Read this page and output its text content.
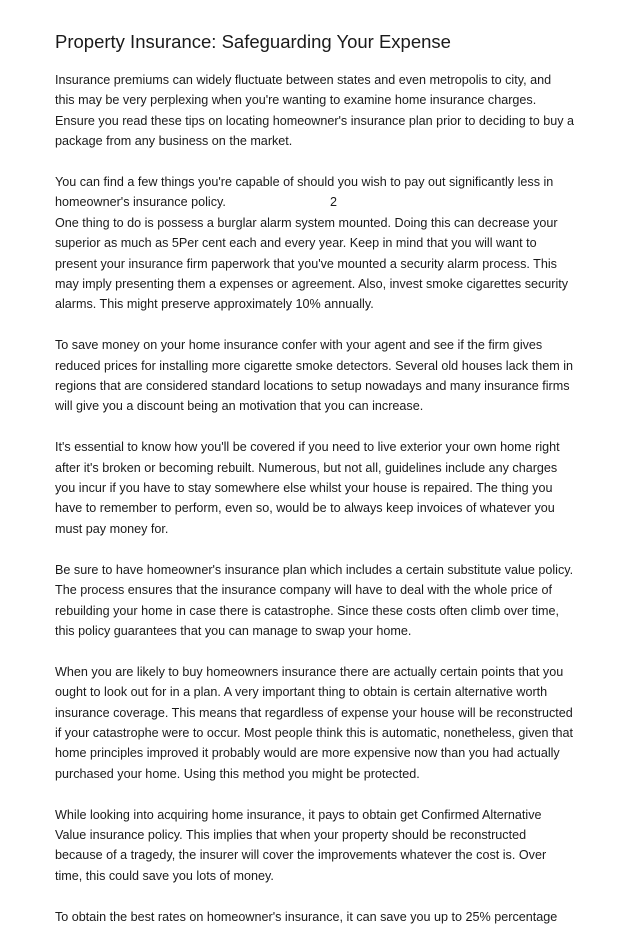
Property Insurance: Safeguarding Your Expense

Insurance premiums can widely fluctuate between states and even metropolis to city, and
this may be very perplexing when you're wanting to examine home insurance charges.
Ensure you read these tips on locating homeowner's insurance plan prior to deciding to buy a
package from any business on the market.

You can find a few things you're capable of should you wish to pay out significantly less in
homeowner's insurance policy.	2
One thing to do is possess a burglar alarm system mounted. Doing this can decrease your
superior as much as 5Per cent each and every year. Keep in mind that you will want to
present your insurance firm paperwork that you've mounted a security alarm process. This
may imply presenting them a expenses or agreement. Also, invest smoke cigarettes security
alarms. This might preserve approximately 10% annually.

To save money on your home insurance confer with your agent and see if the firm gives
reduced prices for installing more cigarette smoke detectors. Several old houses lack them in
regions that are considered standard locations to setup nowadays and many insurance firms
will give you a discount being an motivation that you can increase.

It's essential to know how you'll be covered if you need to live exterior your own home right
after it's broken or becoming rebuilt. Numerous, but not all, guidelines include any charges
you incur if you have to stay somewhere else whilst your house is repaired. The thing you
have to remember to perform, even so, would be to always keep invoices of whatever you
must pay money for.

Be sure to have homeowner's insurance plan which includes a certain substitute value policy.
The process ensures that the insurance company will have to deal with the whole price of
rebuilding your home in case there is catastrophe. Since these costs often climb over time,
this policy guarantees that you can manage to swap your home.

When you are likely to buy homeowners insurance there are actually certain points that you
ought to look out for in a plan. A very important thing to obtain is certain alternative worth
insurance coverage. This means that regardless of expense your house will be reconstructed
if your catastrophe were to occur. Most people think this is automatic, nonetheless, given that
home principles improved it probably would are more expensive now than you had actually
purchased your home. Using this method you might be protected.

While looking into acquiring home insurance, it pays to obtain get Confirmed Alternative
Value insurance policy. This implies that when your property should be reconstructed
because of a tragedy, the insurer will cover the improvements whatever the cost is. Over
time, this could save you lots of money.

To obtain the best rates on homeowner's insurance, it can save you up to 25% percentage
